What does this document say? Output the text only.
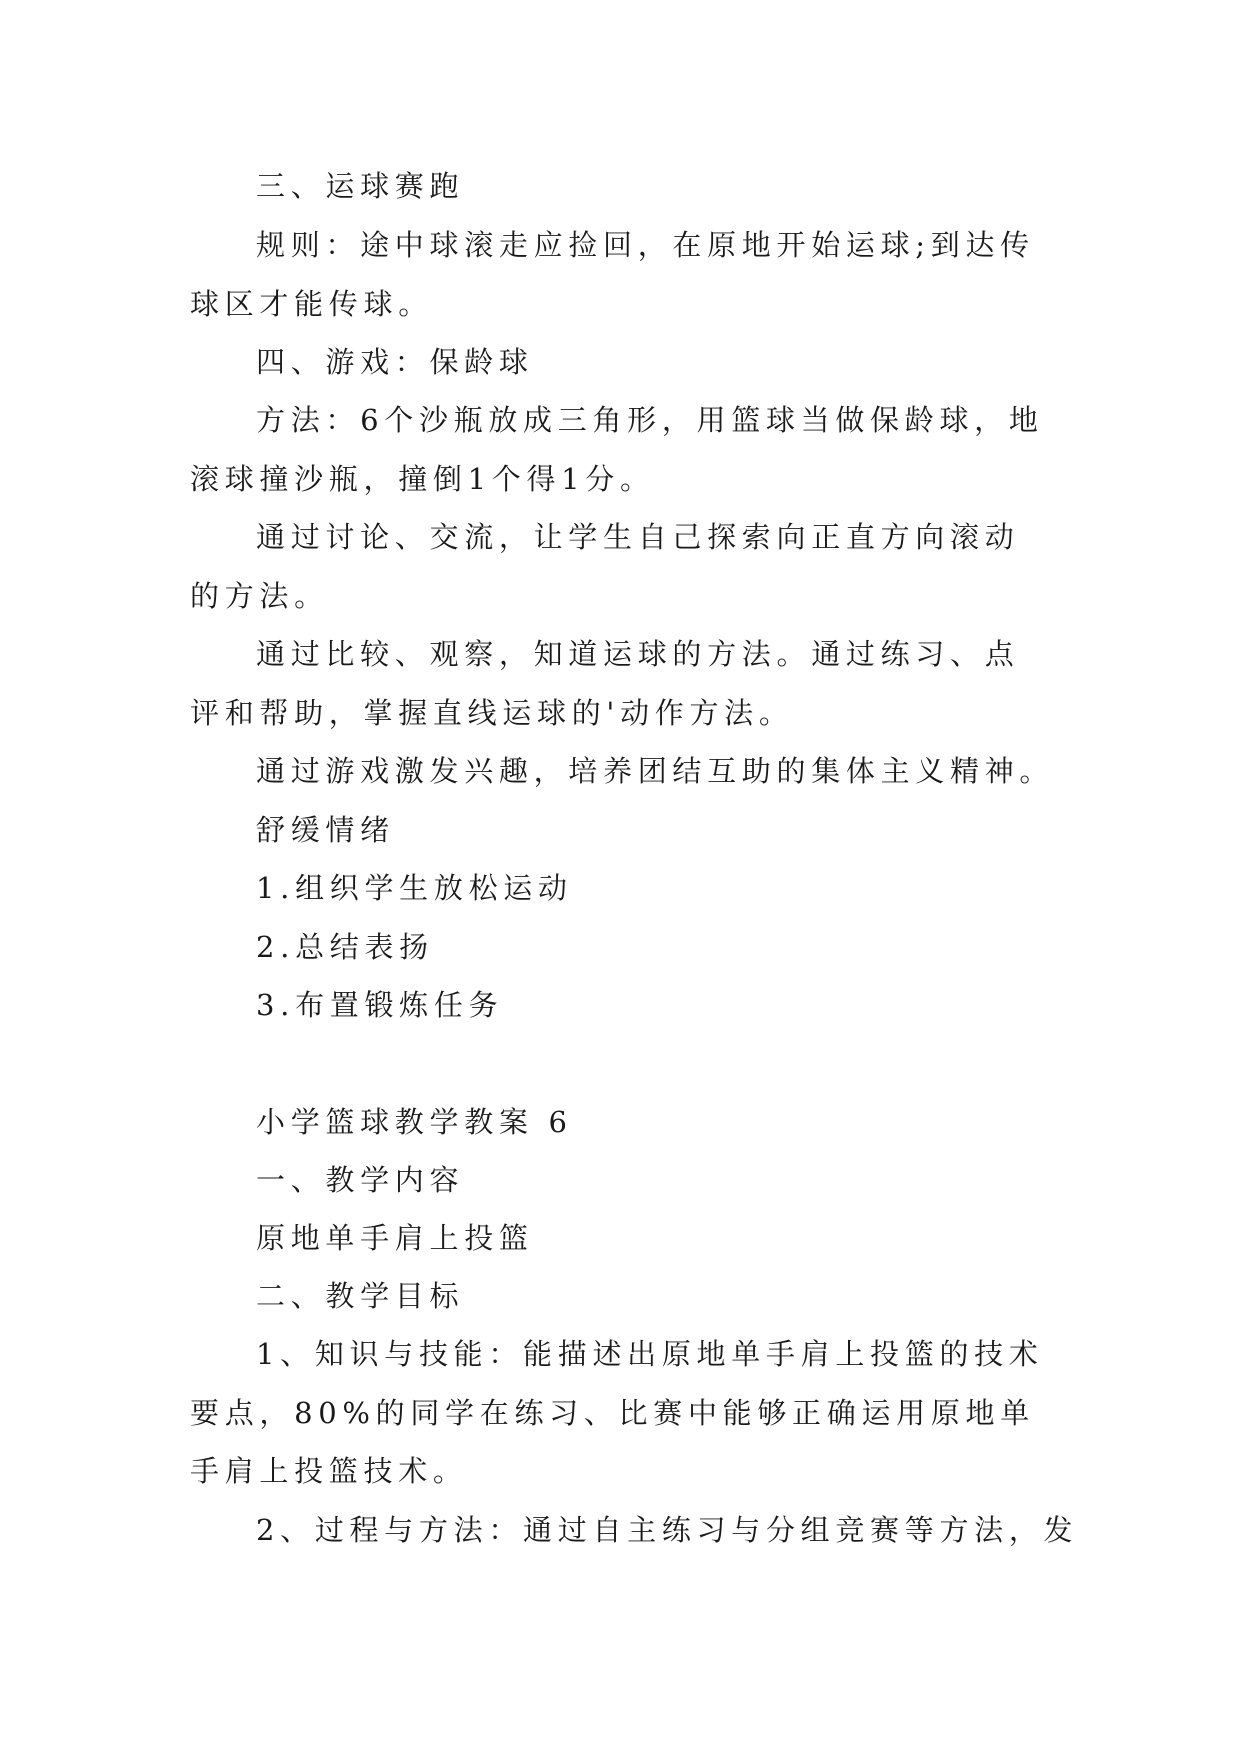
三、运球赛跑

规则：途中球滚走应捡回，在原地开始运球;到达传球区才能传球。

四、游戏：保龄球

方法：6个沙瓶放成三角形，用篮球当做保龄球，地滚球撞沙瓶，撞倒1个得1分。

通过讨论、交流，让学生自己探索向正直方向滚动的方法。

通过比较、观察，知道运球的方法。通过练习、点评和帮助，掌握直线运球的'动作方法。

通过游戏激发兴趣，培养团结互助的集体主义精神。

舒缓情绪

1.组织学生放松运动

2.总结表扬

3.布置锻炼任务

小学篮球教学教案 6

一、教学内容

原地单手肩上投篮

二、教学目标

1、知识与技能：能描述出原地单手肩上投篮的技术要点，80%的同学在练习、比赛中能够正确运用原地单手肩上投篮技术。

2、过程与方法：通过自主练习与分组竞赛等方法，发
